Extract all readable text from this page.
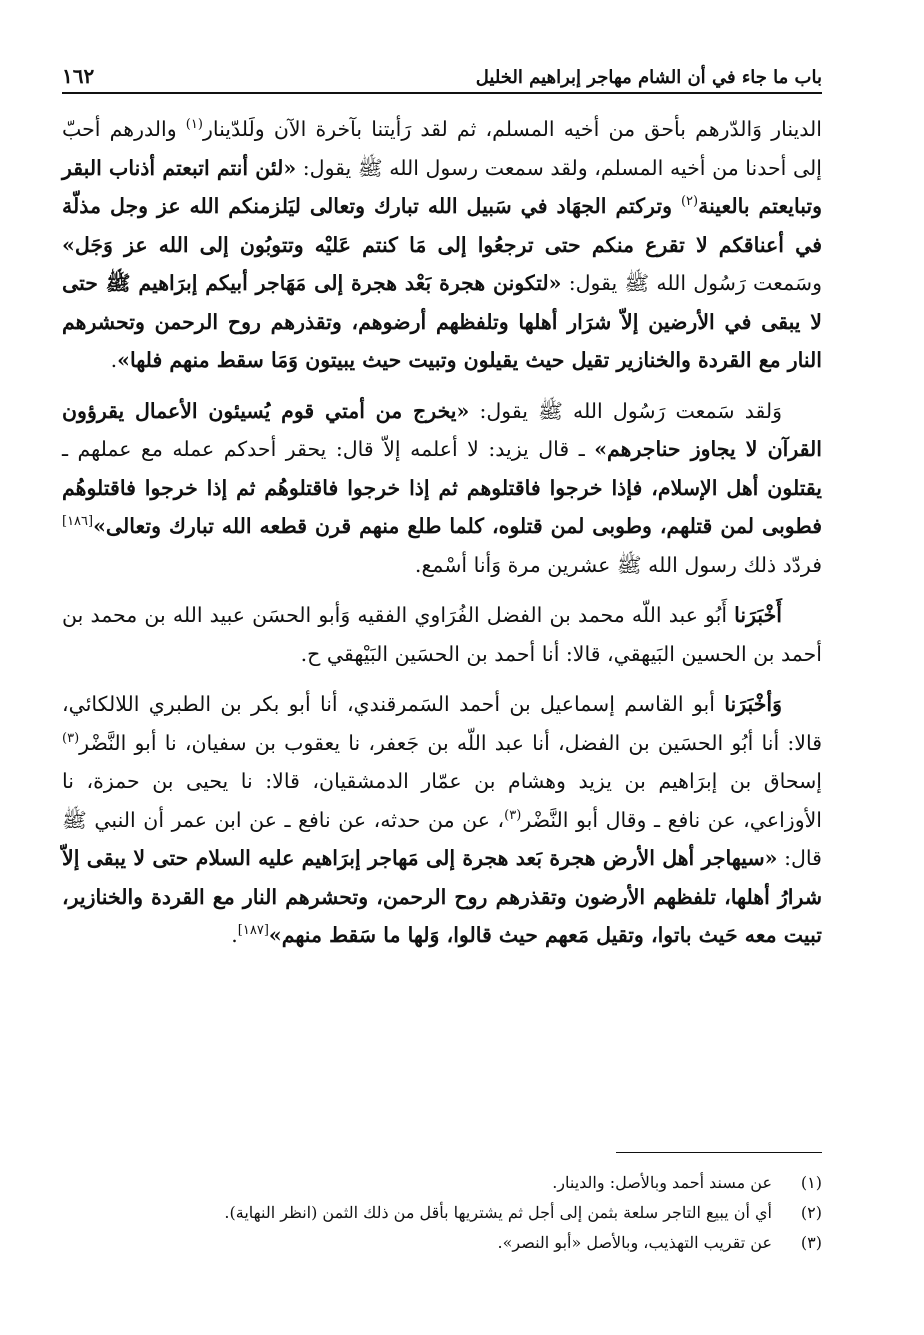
١٦٢	باب ما جاء في أن الشام مهاجر إبراهيم الخليل

الدينار وَالدّرهم بأحق من أخيه المسلم، ثم لقد رَأيتنا بآخرة الآن ولَلدّينار$^{(١)}$ والدرهم أحبّ إلى أحدنا من أخيه المسلم، ولقد سمعت رسول الله ﷺ يقول: «لئن أنتم اتبعتم أذناب البقر وتبايعتم بالعينة$^{(٢)}$ وتركتم الجهَاد في سَبيل الله تبارك وتعالى ليَلزمنكم الله عز وجل مذلّة في أعناقكم لا تقرع منكم حتى ترجعُوا إلى مَا كنتم عَليْه وتتوبُون إلى الله عز وَجَل» وسَمعت رَسُول الله ﷺ يقول: «لتكونن هجرة بَعْد هجرة إلى مَهَاجر أبيكم إبرَاهيم ﷺ حتى لا يبقى في الأرضين إلاّ شرَار أهلها وتلفظهم أرضوهم، وتقذرهم روح الرحمن وتحشرهم النار مع القردة والخنازير تقيل حيث يقيلون وتبيت حيث يبيتون وَمَا سقط منهم فلها».

وَلقد سَمعت رَسُول الله ﷺ يقول: «يخرج من أمتي قوم يُسيئون الأعمال يقرؤون القرآن لا يجاوز حناجرهم» ـ قال يزيد: لا أعلمه إلاّ قال: يحقر أحدكم عمله مع عملهم ـ يقتلون أهل الإسلام، فإذا خرجوا فاقتلوهم ثم إذا خرجوا فاقتلوهُم ثم إذا خرجوا فاقتلوهُم فطوبى لمن قتلهم، وطوبى لمن قتلوه، كلما طلع منهم قرن قطعه الله تبارك وتعالى»[١٨٦] فردّد ذلك رسول الله ﷺ عشرين مرة وَأنا أسْمع.

أَخْبَرَنا أَبُو عبد اللّه محمد بن الفضل الفُرَاوي الفقيه وَأبو الحسَن عبيد الله بن محمد بن أحمد بن الحسين البَيهقي، قالا: أنا أحمد بن الحسَين البَيْهقي ح.

وَأخْبَرَنا أبو القاسم إسماعيل بن أحمد السَمرقندي، أنا أبو بكر بن الطبري اللالكائي، قالا: أنا أبُو الحسَين بن الفضل، أنا عبد اللّه بن جَعفر، نا يعقوب بن سفيان، نا أبو النَّضْر$^{(٣)}$ إسحاق بن إبرَاهيم بن يزيد وهشام بن عمّار الدمشقيان، قالا: نا يحيى بن حمزة، نا الأوزاعي، عن نافع ـ وقال أبو النَّضْر$^{(٣)}$، عن من حدثه، عن نافع ـ عن ابن عمر أن النبي ﷺ قال: «سيهاجر أهل الأرض هجرة بَعد هجرة إلى مَهاجر إبرَاهيم عليه السلام حتى لا يبقى إلاّ شرارُ أهلها، تلفظهم الأرضون وتقذرهم روح الرحمن، وتحشرهم النار مع القردة والخنازير، تبيت معه حَيث باتوا، وتقيل مَعهم حيث قالوا، وَلها ما سَقط منهم»[١٨٧].

(١)
عن مسند أحمد وبالأصل: والدينار.
(٢)
أي أن يبيع التاجر سلعة بثمن إلى أجل ثم يشتريها بأقل من ذلك الثمن (انظر النهاية).
(٣)
عن تقريب التهذيب، وبالأصل «أبو النصر».
